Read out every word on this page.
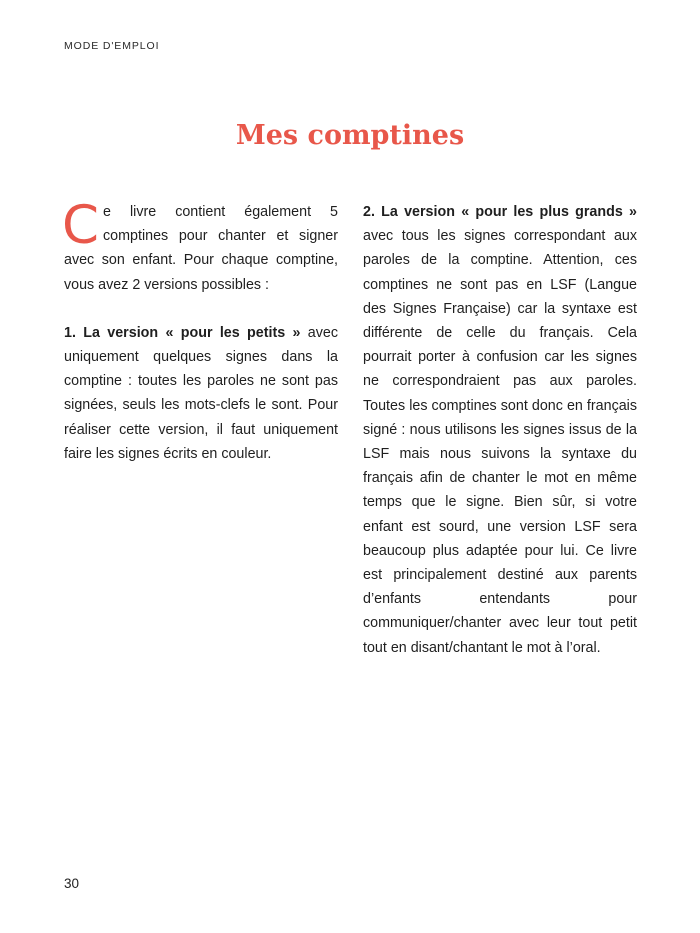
MODE D'EMPLOI
Mes comptines

Ce livre contient également 5 comptines pour chanter et signer avec son enfant. Pour chaque comptine, vous avez 2 versions possibles :

1. La version « pour les petits » avec uniquement quelques signes dans la comptine : toutes les paroles ne sont pas signées, seuls les mots-clefs le sont. Pour réaliser cette version, il faut uniquement faire les signes écrits en couleur.

2. La version « pour les plus grands » avec tous les signes correspondant aux paroles de la comptine. Attention, ces comptines ne sont pas en LSF (Langue des Signes Française) car la syntaxe est différente de celle du français. Cela pourrait porter à confusion car les signes ne correspondraient pas aux paroles. Toutes les comptines sont donc en français signé : nous utilisons les signes issus de la LSF mais nous suivons la syntaxe du français afin de chanter le mot en même temps que le signe. Bien sûr, si votre enfant est sourd, une version LSF sera beaucoup plus adaptée pour lui. Ce livre est principalement destiné aux parents d’enfants entendants pour communiquer/chanter avec leur tout petit tout en disant/chantant le mot à l’oral.

30
